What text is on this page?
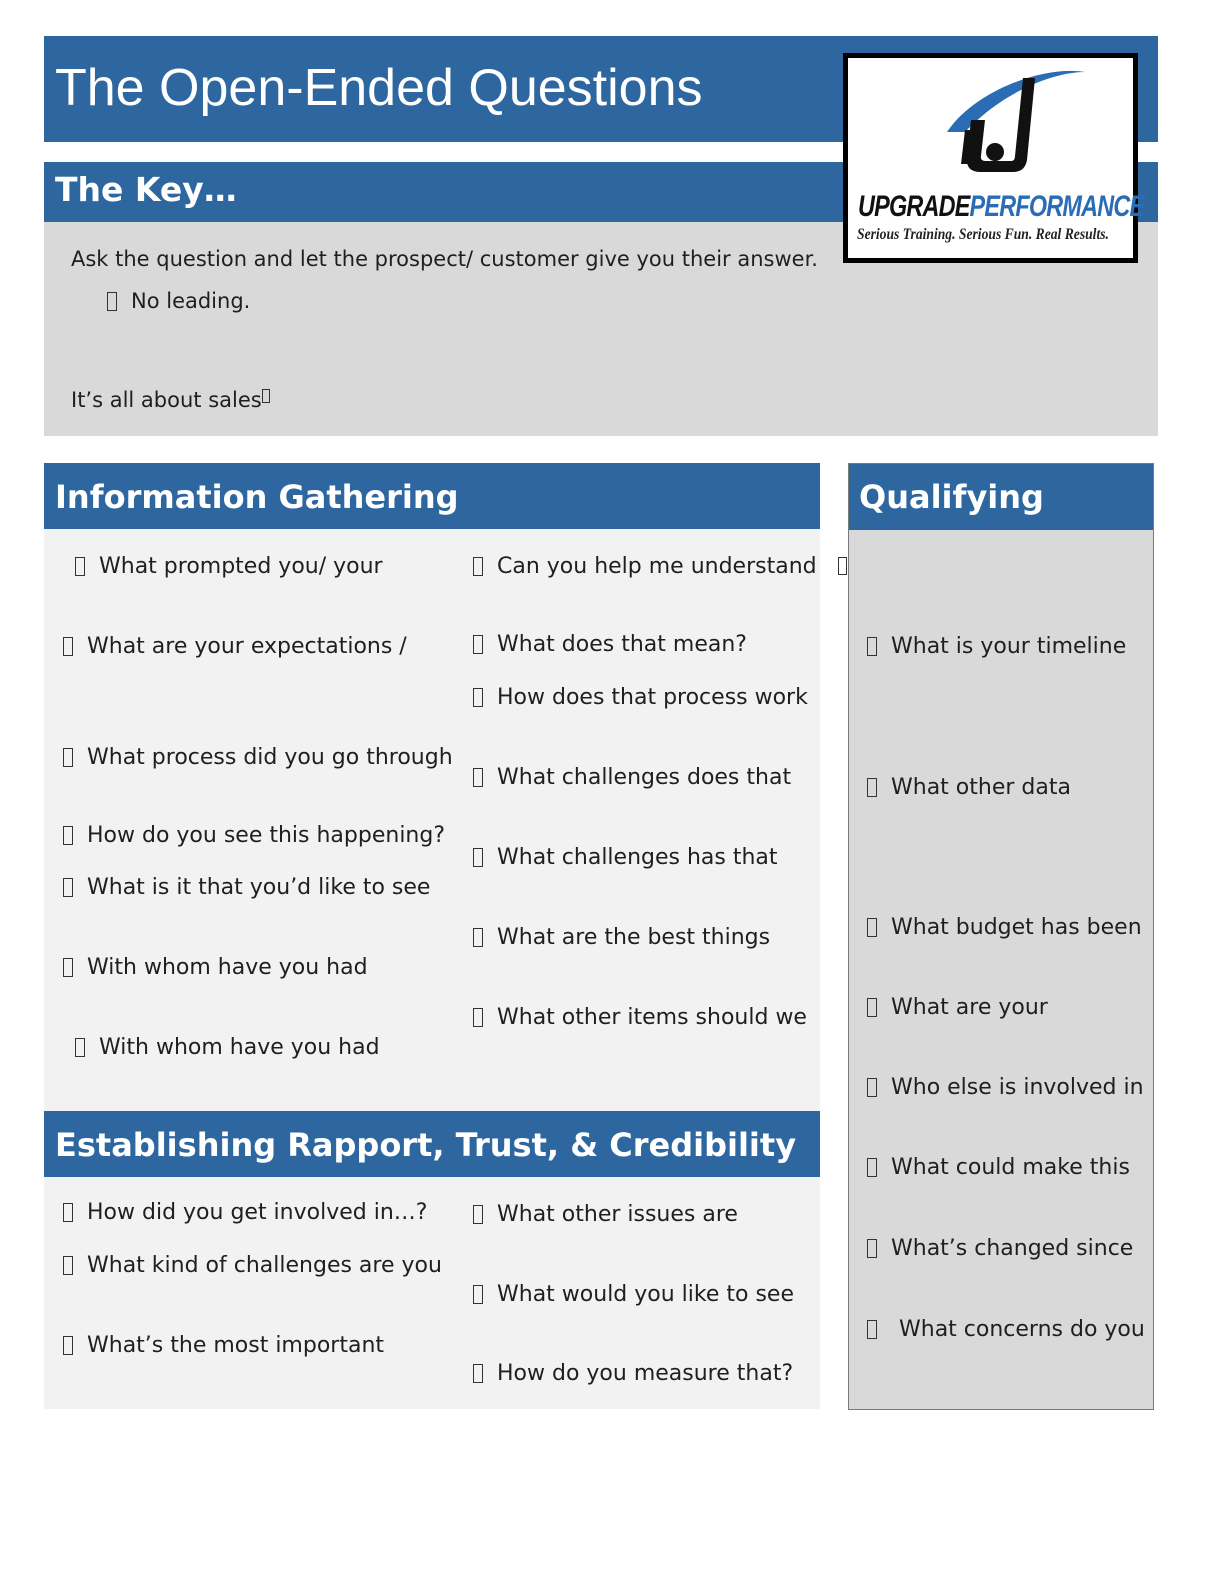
The Open-Ended Questions
The Key…
Ask the question and let the prospect/ customer give you their answer.
No leading.
It’s all about sales
UPGRADEPERFORMANCE
Serious Training. Serious Fun. Real Results.
Information Gathering
What prompted you/ your
What are your expectations /
What process did you go through
How do you see this happening?
What is it that you’d like to see
With whom have you had
With whom have you had
Can you help me understand
What does that mean?
How does that process work
What challenges does that
What challenges has that
What are the best things
What other items should we
Establishing Rapport, Trust, & Credibility
How did you get involved in…?
What kind of challenges are you
What’s the most important
What other issues are
What would you like to see
How do you measure that?
Qualifying
What is your timeline
What other data
What budget has been
What are your
Who else is involved in
What could make this
What’s changed since
What concerns do you
